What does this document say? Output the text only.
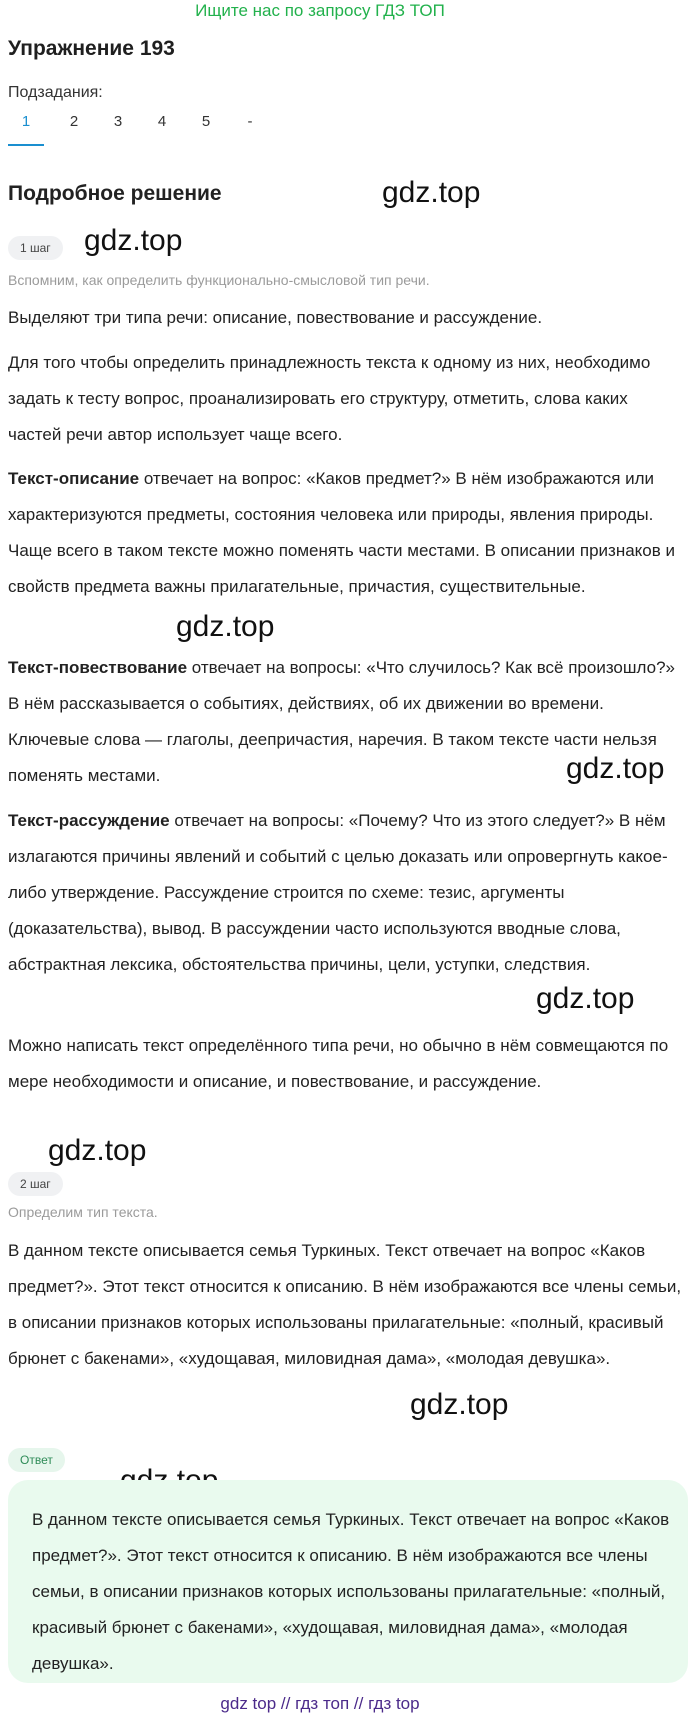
Ищите нас по запросу ГДЗ ТОП
Упражнение 193
Подзадания:
1	2	3	4	5	-
Подробное решение	gdz.top
gdz.top
gdz.top
gdz.top
gdz.top
gdz.top
gdz.top
1 шаг
Вспомним, как определить функционально-смысловой тип речи.
Выделяют три типа речи: описание, повествование и рассуждение.
Для того чтобы определить принадлежность текста к одному из них, необходимо задать к тесту вопрос, проанализировать его структуру, отметить, слова каких частей речи автор использует чаще всего.
Текст-описание отвечает на вопрос: «Каков предмет?» В нём изображаются или характеризуются предметы, состояния человека или природы, явления природы. Чаще всего в таком тексте можно поменять части местами. В описании признаков и свойств предмета важны прилагательные, причастия, существительные.
Текст-повествование отвечает на вопросы: «Что случилось? Как всё произошло?» В нём рассказывается о событиях, действиях, об их движении во времени. Ключевые слова — глаголы, деепричастия, наречия. В таком тексте части нельзя поменять местами.
Текст-рассуждение отвечает на вопросы: «Почему? Что из этого следует?» В нём излагаются причины явлений и событий с целью доказать или опровергнуть какое-либо утверждение. Рассуждение строится по схеме: тезис, аргументы (доказательства), вывод. В рассуждении часто используются вводные слова, абстрактная лексика, обстоятельства причины, цели, уступки, следствия.
Можно написать текст определённого типа речи, но обычно в нём совмещаются по мере необходимости и описание, и повествование, и рассуждение.
2 шаг
Определим тип текста.
В данном тексте описывается семья Туркиных. Текст отвечает на вопрос «Каков предмет?». Этот текст относится к описанию. В нём изображаются все члены семьи, в описании признаков которых использованы прилагательные: «полный, красивый брюнет с бакенами», «худощавая, миловидная дама», «молодая девушка».
Ответ
В данном тексте описывается семья Туркиных. Текст отвечает на вопрос «Каков предмет?». Этот текст относится к описанию. В нём изображаются все члены семьи, в описании признаков которых использованы прилагательные: «полный, красивый брюнет с бакенами», «худощавая, миловидная дама», «молодая девушка».
gdz top // гдз топ // гдз top
